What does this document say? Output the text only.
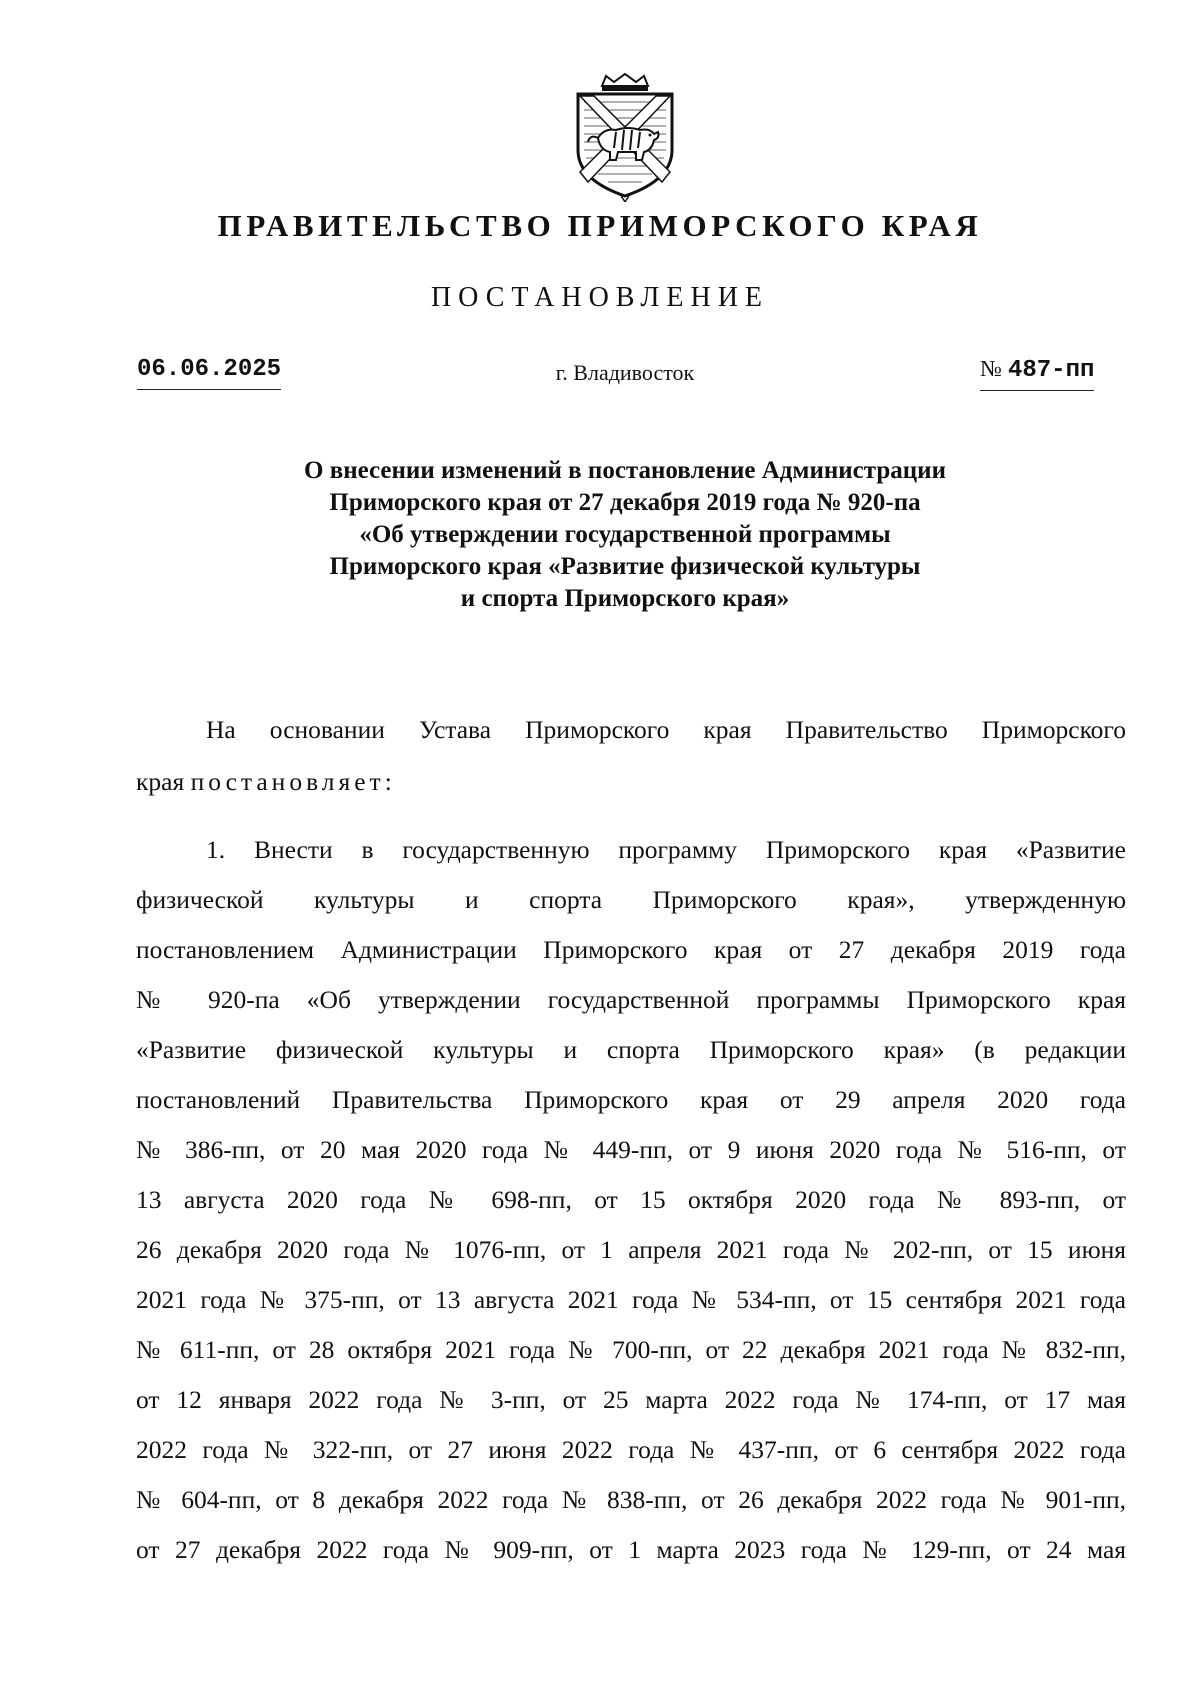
ПРАВИТЕЛЬСТВО ПРИМОРСКОГО КРАЯ
ПОСТАНОВЛЕНИЕ
06.06.2025	г. Владивосток	№ 487-пп
О внесении изменений в постановление Администрации
Приморского края от 27 декабря 2019 года № 920-па
«Об утверждении государственной программы
Приморского края «Развитие физической культуры
и спорта Приморского края»
На основании Устава Приморского края Правительство Приморского
края постановляет:
1. Внести в государственную программу Приморского края «Развитие
физической культуры и спорта Приморского края», утвержденную
постановлением Администрации Приморского края от 27 декабря 2019 года
№ 920-па «Об утверждении государственной программы Приморского края
«Развитие физической культуры и спорта Приморского края» (в редакции
постановлений Правительства Приморского края от 29 апреля 2020 года
№ 386-пп, от 20 мая 2020 года № 449-пп, от 9 июня 2020 года № 516-пп, от
13 августа 2020 года № 698-пп, от 15 октября 2020 года № 893-пп, от
26 декабря 2020 года № 1076-пп, от 1 апреля 2021 года № 202-пп, от 15 июня
2021 года № 375-пп, от 13 августа 2021 года № 534-пп, от 15 сентября 2021 года
№ 611-пп, от 28 октября 2021 года № 700-пп, от 22 декабря 2021 года № 832-пп,
от 12 января 2022 года № 3-пп, от 25 марта 2022 года № 174-пп, от 17 мая
2022 года № 322-пп, от 27 июня 2022 года № 437-пп, от 6 сентября 2022 года
№ 604-пп, от 8 декабря 2022 года № 838-пп, от 26 декабря 2022 года № 901-пп,
от 27 декабря 2022 года № 909-пп, от 1 марта 2023 года № 129-пп, от 24 мая
